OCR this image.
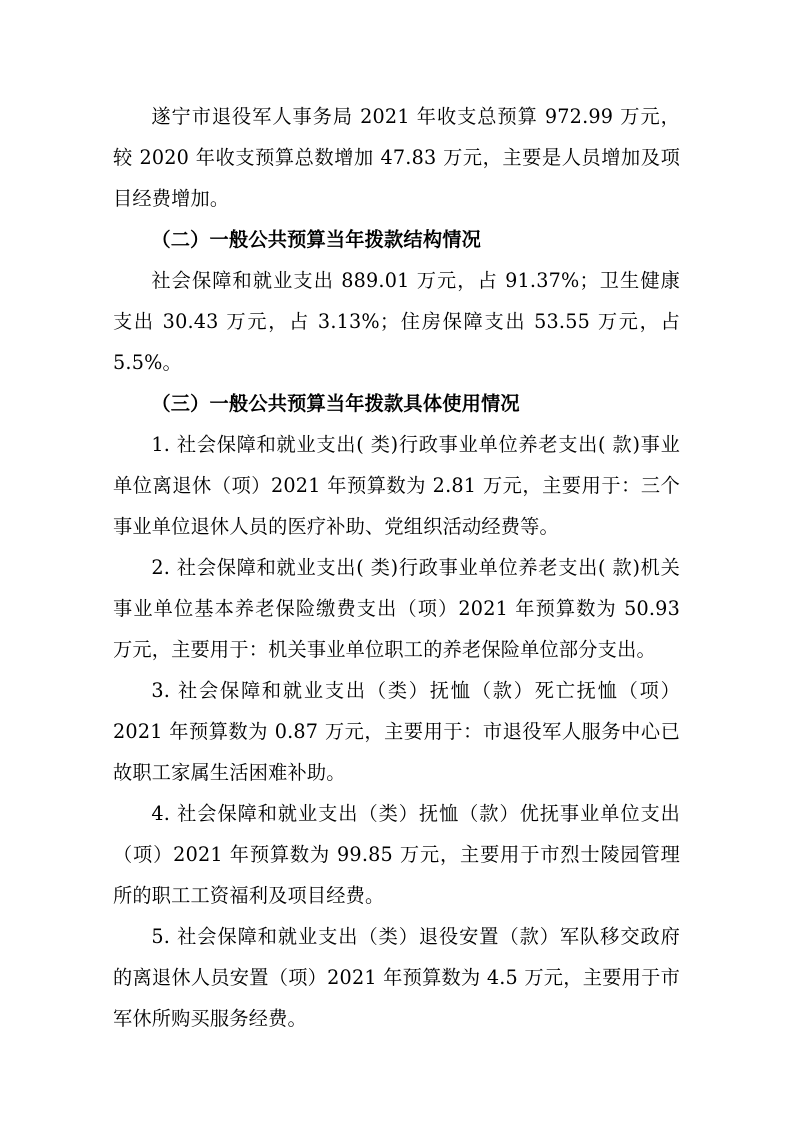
遂宁市退役军人事务局 2021 年收支总预算 972.99 万元，较 2020 年收支预算总数增加 47.83 万元，主要是人员增加及项目经费增加。

（二）一般公共预算当年拨款结构情况

社会保障和就业支出 889.01 万元，占 91.37%；卫生健康支出 30.43 万元，占 3.13%；住房保障支出 53.55 万元，占 5.5%。

（三）一般公共预算当年拨款具体使用情况

1. 社会保障和就业支出( 类)行政事业单位养老支出( 款)事业单位离退休（项）2021 年预算数为 2.81 万元，主要用于：三个事业单位退休人员的医疗补助、党组织活动经费等。

2. 社会保障和就业支出( 类)行政事业单位养老支出( 款)机关事业单位基本养老保险缴费支出（项）2021 年预算数为 50.93 万元，主要用于：机关事业单位职工的养老保险单位部分支出。

3. 社会保障和就业支出（类）抚恤（款）死亡抚恤（项）2021 年预算数为 0.87 万元，主要用于：市退役军人服务中心已故职工家属生活困难补助。

4. 社会保障和就业支出（类）抚恤（款）优抚事业单位支出（项）2021 年预算数为 99.85 万元，主要用于市烈士陵园管理所的职工工资福利及项目经费。

5. 社会保障和就业支出（类）退役安置（款）军队移交政府的离退休人员安置（项）2021 年预算数为 4.5 万元，主要用于市军休所购买服务经费。
